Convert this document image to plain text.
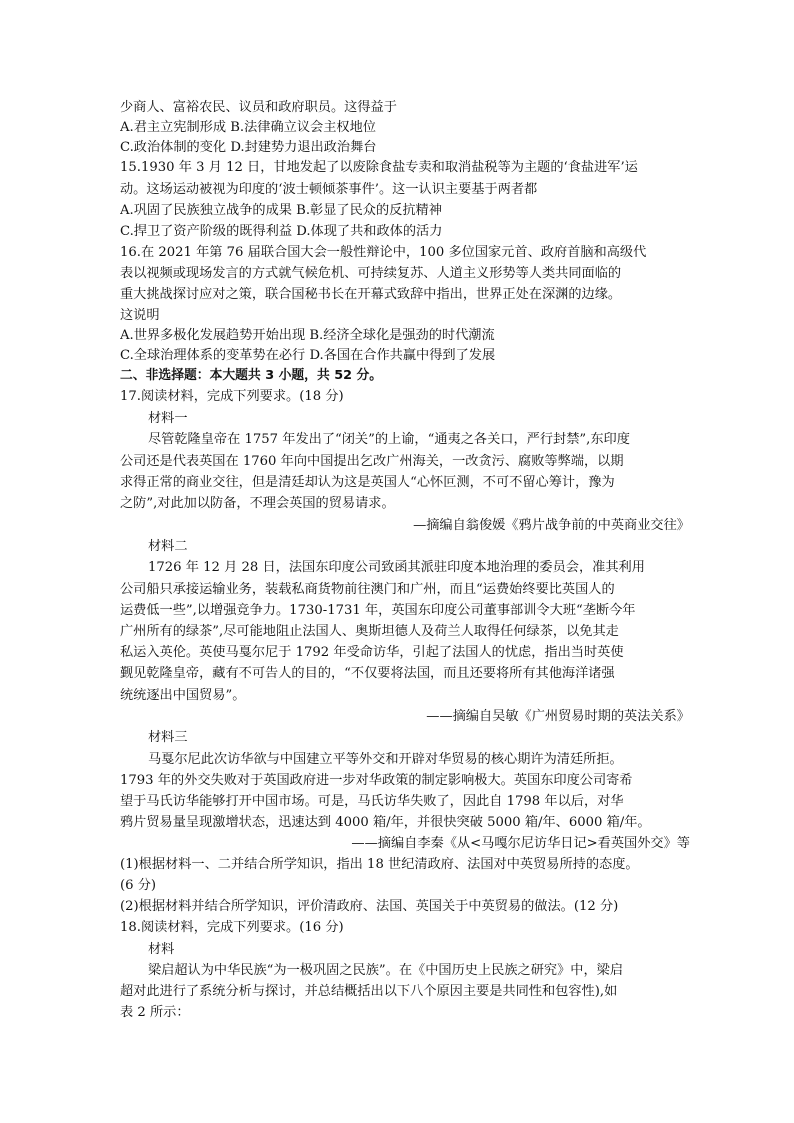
少商人、富裕农民、议员和政府职员。这得益于
A.君主立宪制形成 B.法律确立议会主权地位
C.政治体制的变化 D.封建势力退出政治舞台
15.1930 年 3 月 12 日，甘地发起了以废除食盐专卖和取消盐税等为主题的‘食盐进军’运
动。这场运动被视为印度的‘波士顿倾茶事件’。这一认识主要基于两者都
A.巩固了民族独立战争的成果 B.彰显了民众的反抗精神
C.捍卫了资产阶级的既得利益 D.体现了共和政体的活力
16.在 2021 年第 76 届联合国大会一般性辩论中，100 多位国家元首、政府首脑和高级代
表以视频或现场发言的方式就气候危机、可持续复苏、人道主义形势等人类共同面临的
重大挑战探讨应对之策，联合国秘书长在开幕式致辞中指出，世界正处在深渊的边缘。
这说明
A.世界多极化发展趋势开始出现 B.经济全球化是强劲的时代潮流
C.全球治理体系的变革势在必行 D.各国在合作共赢中得到了发展
二、非选择题：本大题共 3 小题，共 52 分。
17.阅读材料，完成下列要求。(18 分)
材料一
尽管乾隆皇帝在 1757 年发出了“闭关”的上谕，“通夷之各关口，严行封禁”,东印度
公司还是代表英国在 1760 年向中国提出乞改广州海关，一改贪污、腐败等弊端，以期
求得正常的商业交往，但是清廷却认为这是英国人“心怀叵测，不可不留心筹计，豫为
之防”,对此加以防备，不理会英国的贸易请求。
—摘编自翁俊媛《鸦片战争前的中英商业交往》
材料二
1726 年 12 月 28 日，法国东印度公司致函其派驻印度本地治理的委员会，准其利用
公司船只承接运输业务，装载私商货物前往澳门和广州，而且“运费始终要比英国人的
运费低一些”,以增强竞争力。1730-1731 年，英国东印度公司董事部训令大班“垄断今年
广州所有的绿茶”,尽可能地阻止法国人、奥斯坦德人及荷兰人取得任何绿茶，以免其走
私运入英伦。英使马戛尔尼于 1792 年受命访华，引起了法国人的忧虑，指出当时英使
觐见乾隆皇帝，藏有不可告人的目的，“不仅要将法国，而且还要将所有其他海洋诸强
统统逐出中国贸易”。
——摘编自吴敏《广州贸易时期的英法关系》
材料三
马戛尔尼此次访华欲与中国建立平等外交和开辟对华贸易的核心期许为清廷所拒。
1793 年的外交失败对于英国政府进一步对华政策的制定影响极大。英国东印度公司寄希
望于马氏访华能够打开中国市场。可是，马氏访华失败了，因此自 1798 年以后，对华
鸦片贸易量呈现激增状态，迅速达到 4000 箱/年，并很快突破 5000 箱/年、6000 箱/年。
——摘编自李秦《从<马嘎尔尼访华日记>看英国外交》等
(1)根据材料一、二并结合所学知识，指出 18 世纪清政府、法国对中英贸易所持的态度。
(6 分)
(2)根据材料并结合所学知识，评价清政府、法国、英国关于中英贸易的做法。(12 分)
18.阅读材料，完成下列要求。(16 分)
材料
梁启超认为中华民族“为一极巩固之民族”。在《中国历史上民族之研究》中，梁启
超对此进行了系统分析与探讨，并总结概括出以下八个原因主要是共同性和包容性),如
表 2 所示：
